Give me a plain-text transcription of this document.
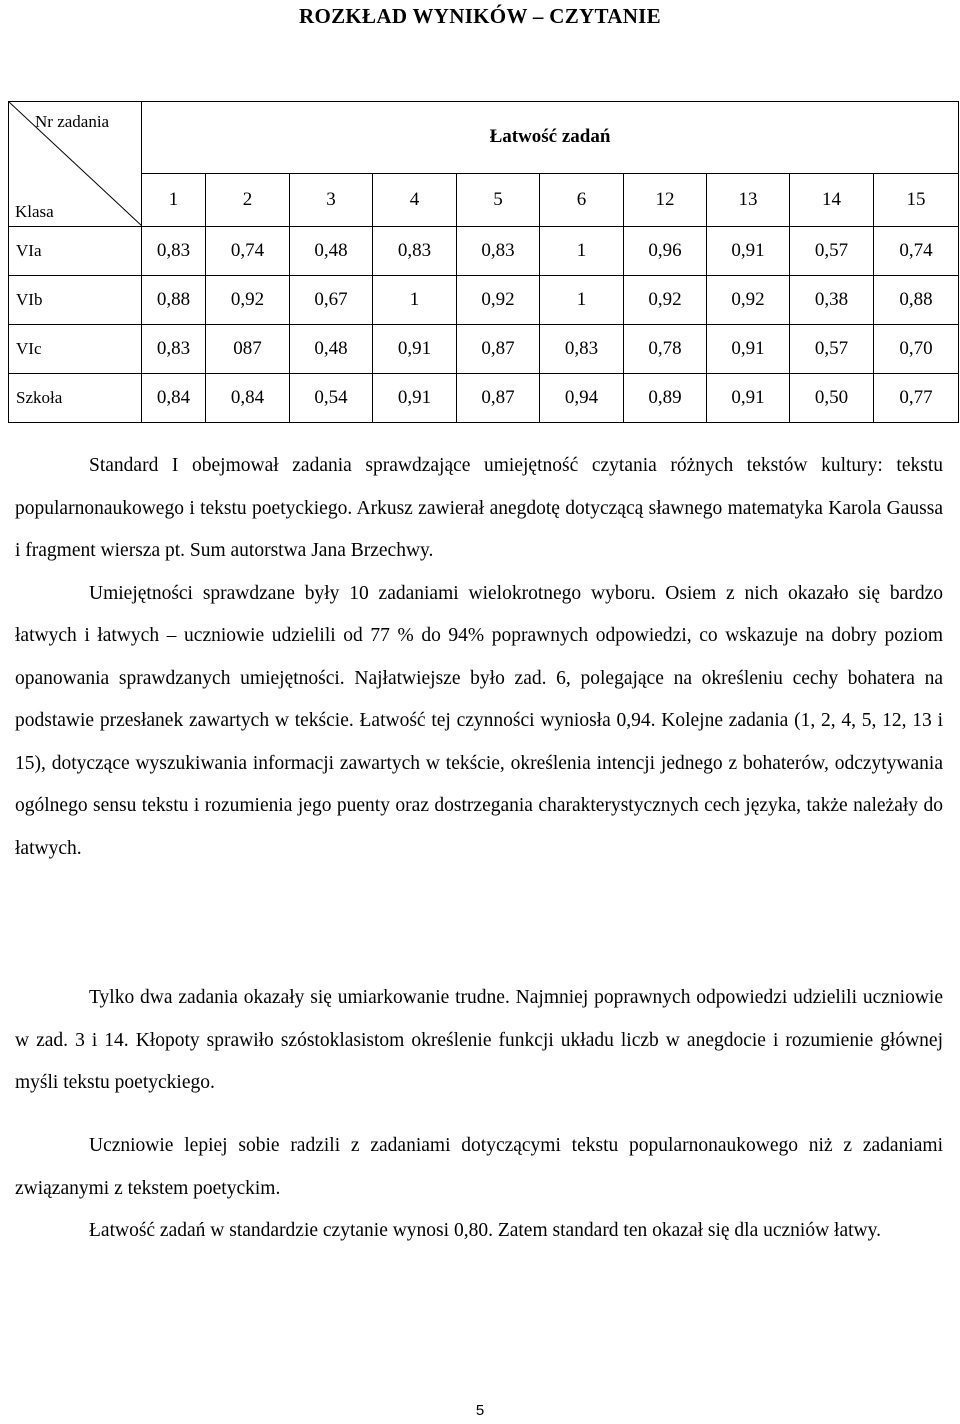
ROZKŁAD WYNIKÓW – CZYTANIE
Nr zadania
Klasa	Łatwość zadań									
	1	2	3	4	5	6	12	13	14	15
VIa	0,83	0,74	0,48	0,83	0,83	1	0,96	0,91	0,57	0,74
VIb	0,88	0,92	0,67	1	0,92	1	0,92	0,92	0,38	0,88
VIc	0,83	087	0,48	0,91	0,87	0,83	0,78	0,91	0,57	0,70
Szkoła	0,84	0,84	0,54	0,91	0,87	0,94	0,89	0,91	0,50	0,77

Standard I obejmował zadania sprawdzające umiejętność czytania różnych tekstów kultury: tekstu popularnonaukowego i tekstu poetyckiego. Arkusz zawierał anegdotę dotyczącą sławnego matematyka Karola Gaussa i fragment wiersza pt. Sum autorstwa Jana Brzechwy.

Umiejętności sprawdzane były 10 zadaniami wielokrotnego wyboru. Osiem z nich okazało się bardzo łatwych i łatwych – uczniowie udzielili od 77 % do 94% poprawnych odpowiedzi, co wskazuje na dobry poziom opanowania sprawdzanych umiejętności. Najłatwiejsze było zad. 6, polegające na określeniu cechy bohatera na podstawie przesłanek zawartych w tekście. Łatwość tej czynności wyniosła 0,94. Kolejne zadania (1, 2, 4, 5, 12, 13 i 15), dotyczące wyszukiwania informacji zawartych w tekście, określenia intencji jednego z bohaterów, odczytywania ogólnego sensu tekstu i rozumienia jego puenty oraz dostrzegania charakterystycznych cech języka, także należały do łatwych.

Tylko dwa zadania okazały się umiarkowanie trudne. Najmniej poprawnych odpowiedzi udzielili uczniowie w zad. 3 i 14. Kłopoty sprawiło szóstoklasistom określenie funkcji układu liczb w anegdocie i rozumienie głównej myśli tekstu poetyckiego.

Uczniowie lepiej sobie radzili z zadaniami dotyczącymi tekstu popularnonaukowego niż z zadaniami związanymi z tekstem poetyckim.

Łatwość zadań w standardzie czytanie wynosi 0,80. Zatem standard ten okazał się dla uczniów łatwy.

5
